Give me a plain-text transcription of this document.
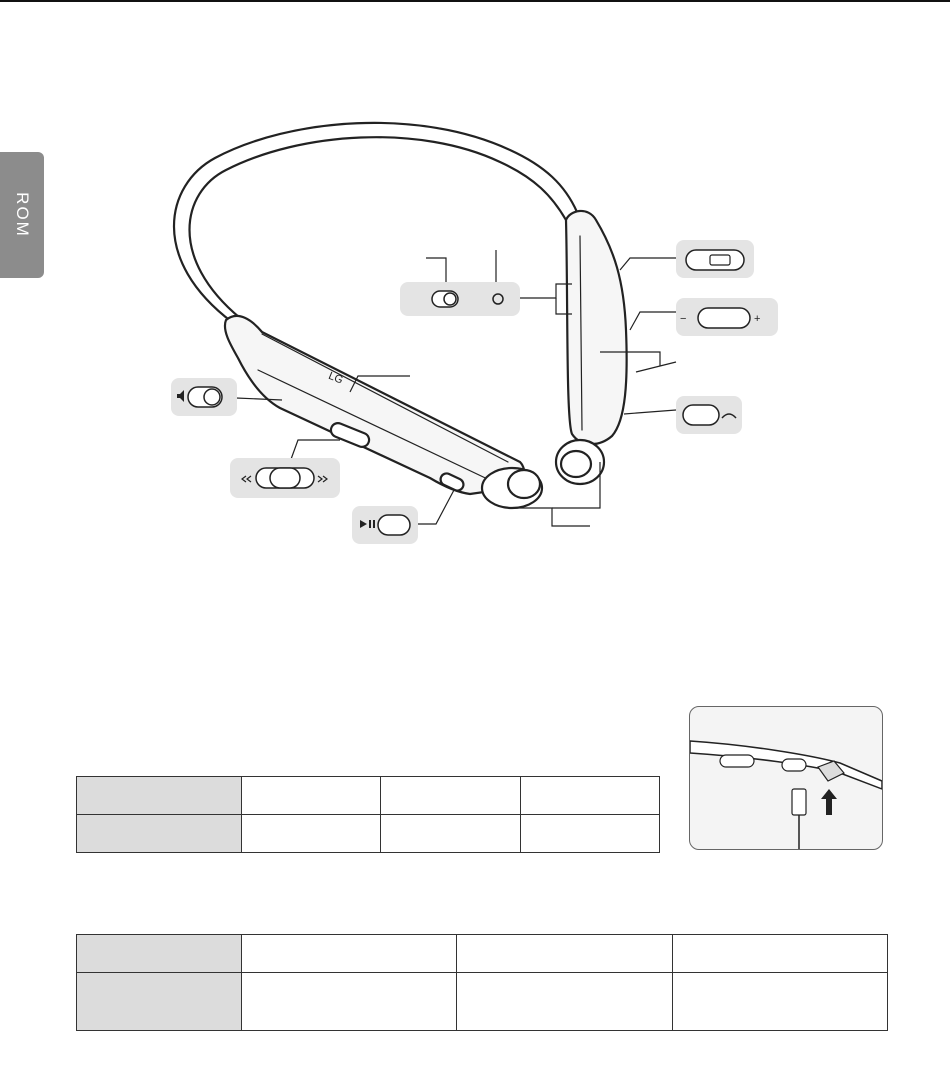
ROM
LG
−	+
